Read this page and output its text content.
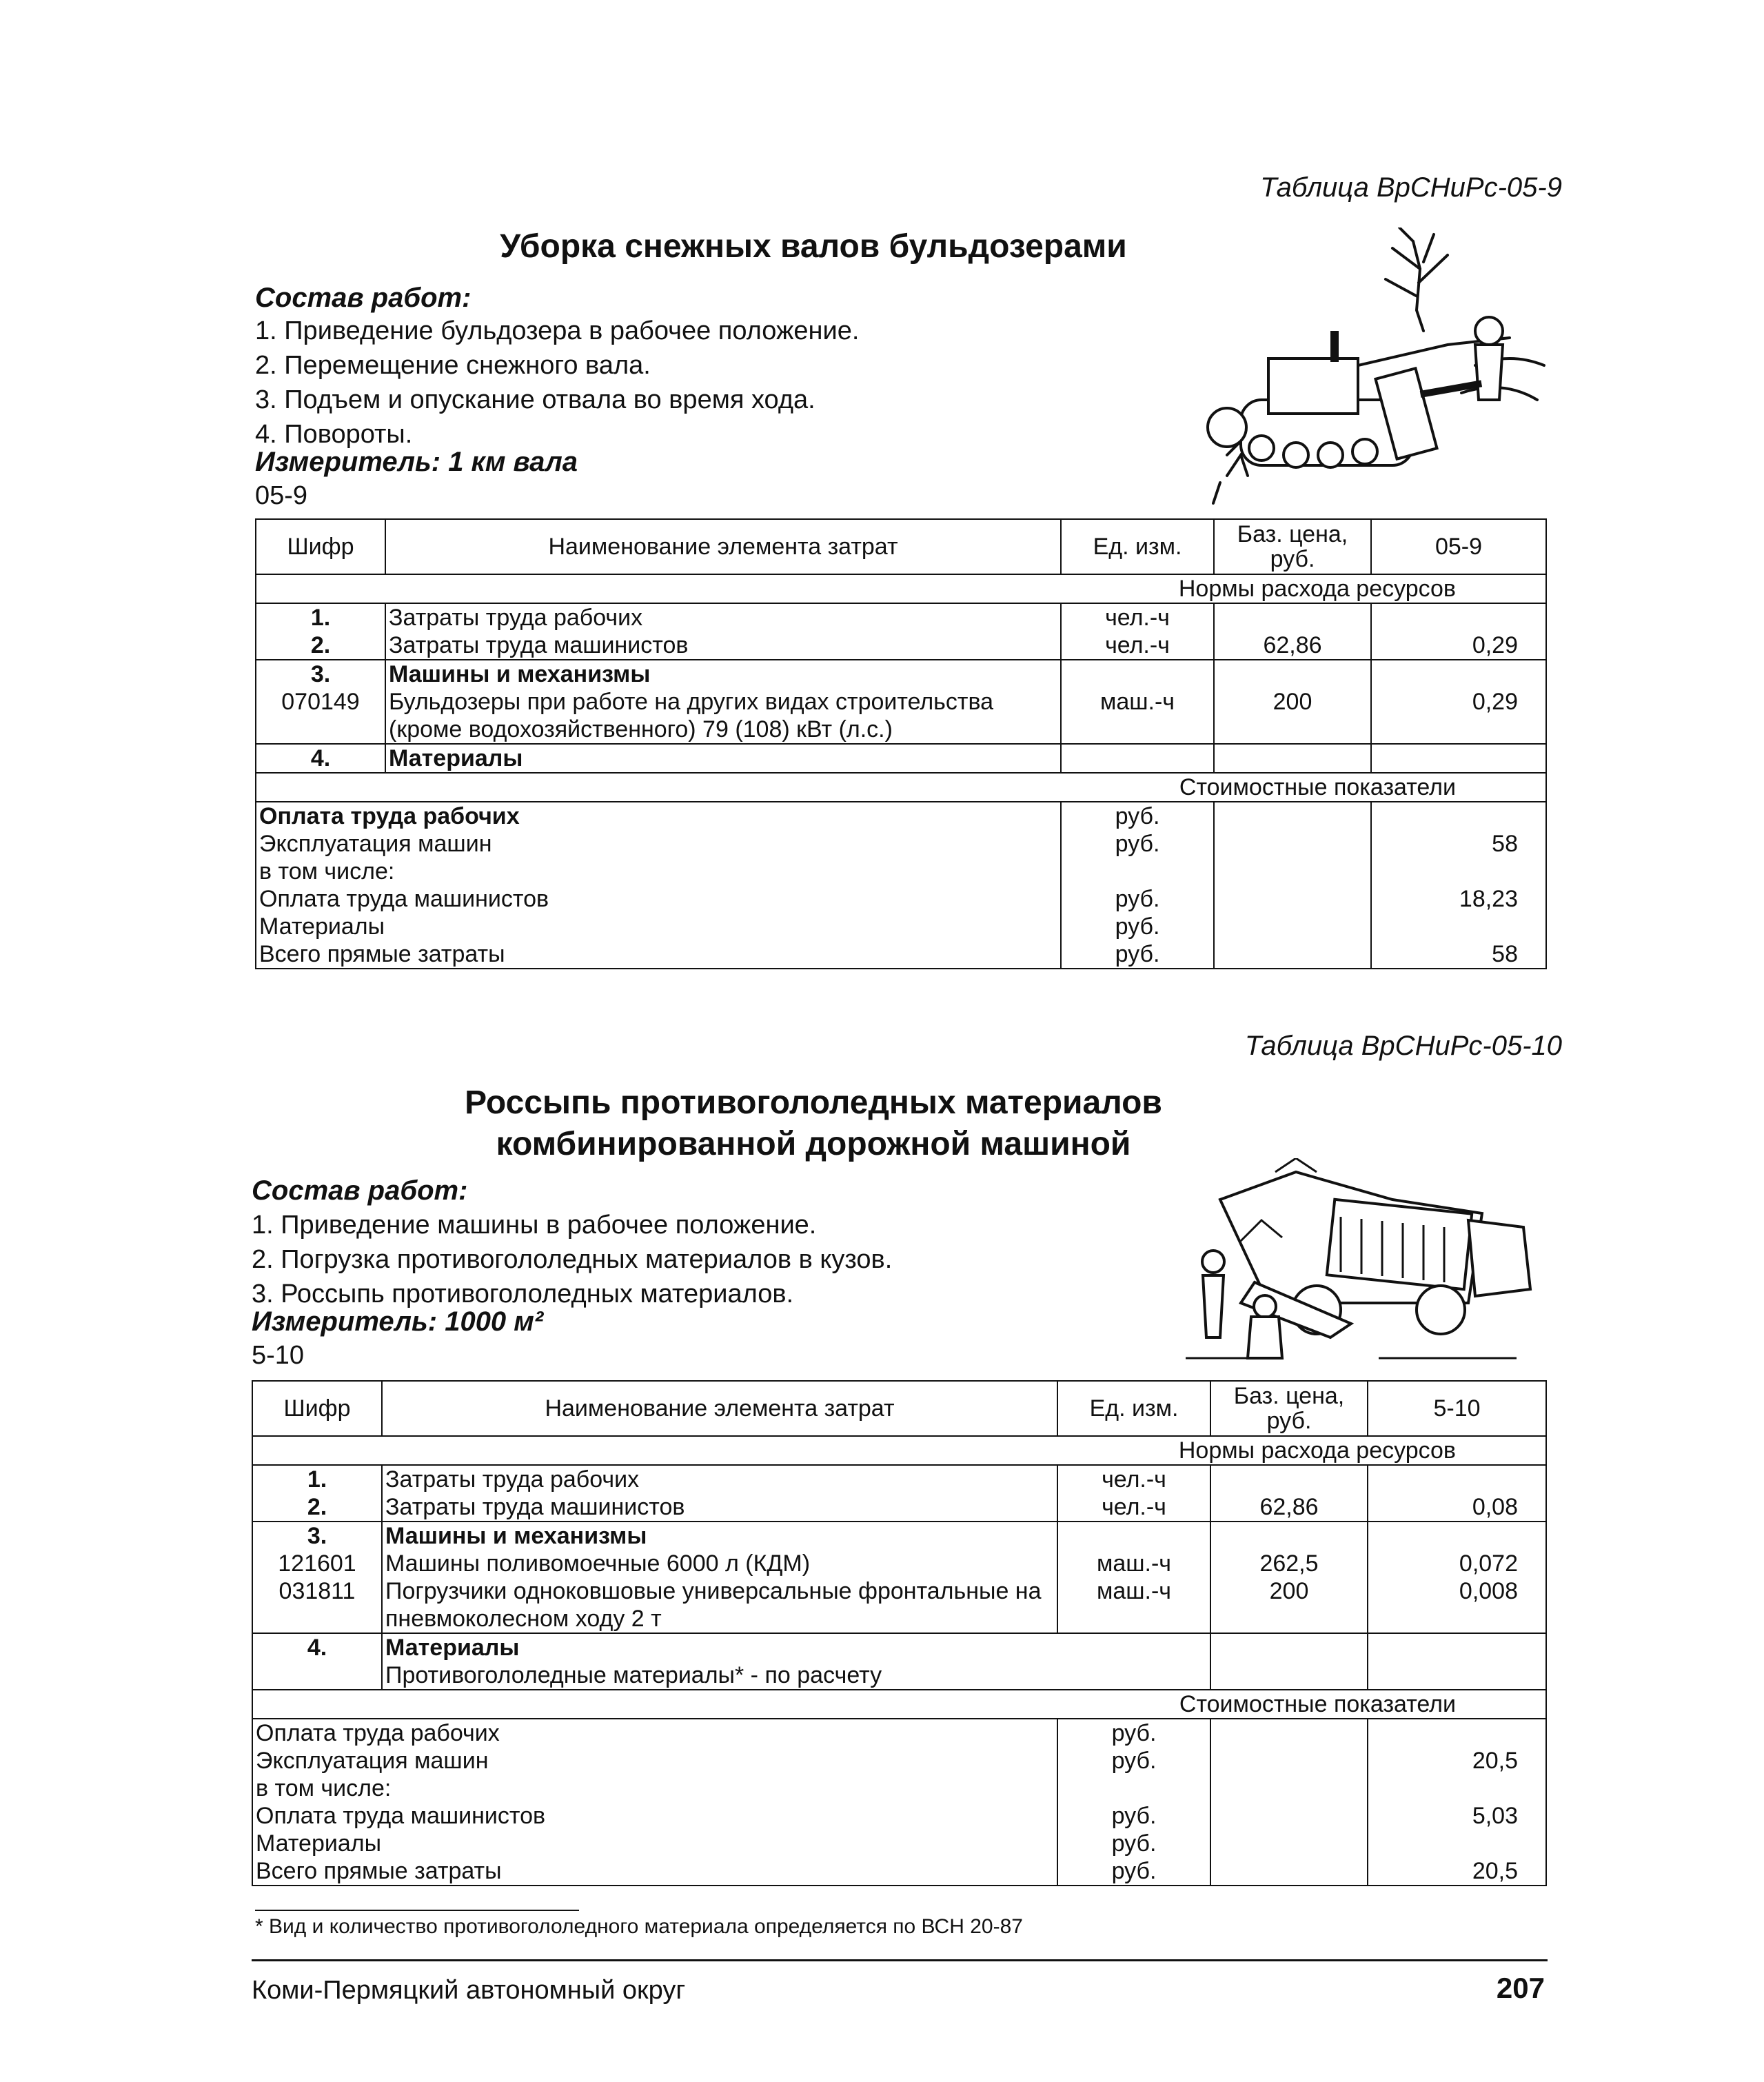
Таблица ВрСНиРс-05-9
Уборка снежных валов бульдозерами
Состав работ:
1. Приведение бульдозера в рабочее положение.
2. Перемещение снежного вала.
3. Подъем и опускание отвала во время хода.
4. Повороты.
Измеритель: 1 км вала
05-9
Шифр	Наименование элемента затрат	Ед. изм.	Баз. цена, руб.	05-9
Нормы расхода ресурсов				
1.	Затраты труда рабочих	чел.-ч		
2.	Затраты труда машинистов	чел.-ч	62,86	0,29
3.	Машины и механизмы			
070149	Бульдозеры при работе на других видах строительства (кроме водохозяйственного) 79 (108) кВт (л.с.)	маш.-ч	200	0,29
4.	Материалы			
Стоимостные показатели				
Оплата труда рабочих		руб.		
Эксплуатация машин		руб.		58
в том числе:				
Оплата труда машинистов		руб.		18,23
Материалы		руб.		
Всего прямые затраты		руб.		58
Таблица ВрСНиРс-05-10
Россыпь противогололедных материалов
комбинированной дорожной машиной
Состав работ:
1. Приведение машины в рабочее положение.
2. Погрузка противогололедных материалов в кузов.
3. Россыпь противогололедных материалов.
Измеритель: 1000 м²
5-10
Шифр	Наименование элемента затрат	Ед. изм.	Баз. цена, руб.	5-10
Нормы расхода ресурсов				
1.	Затраты труда рабочих	чел.-ч		
2.	Затраты труда машинистов	чел.-ч	62,86	0,08
3.	Машины и механизмы			
121601	Машины поливомоечные 6000 л (КДМ)	маш.-ч	262,5	0,072
031811	Погрузчики одноковшовые универсальные фронтальные на пневмоколесном ходу 2 т	маш.-ч	200	0,008
4.	Материалы			
	Противогололедные материалы* - по расчету			
Стоимостные показатели				
Оплата труда рабочих		руб.		
Эксплуатация машин		руб.		20,5
в том числе:				
Оплата труда машинистов		руб.		5,03
Материалы		руб.		
Всего прямые затраты		руб.		20,5
* Вид и количество противогололедного материала определяется по ВСН 20-87
Коми-Пермяцкий автономный округ	207
